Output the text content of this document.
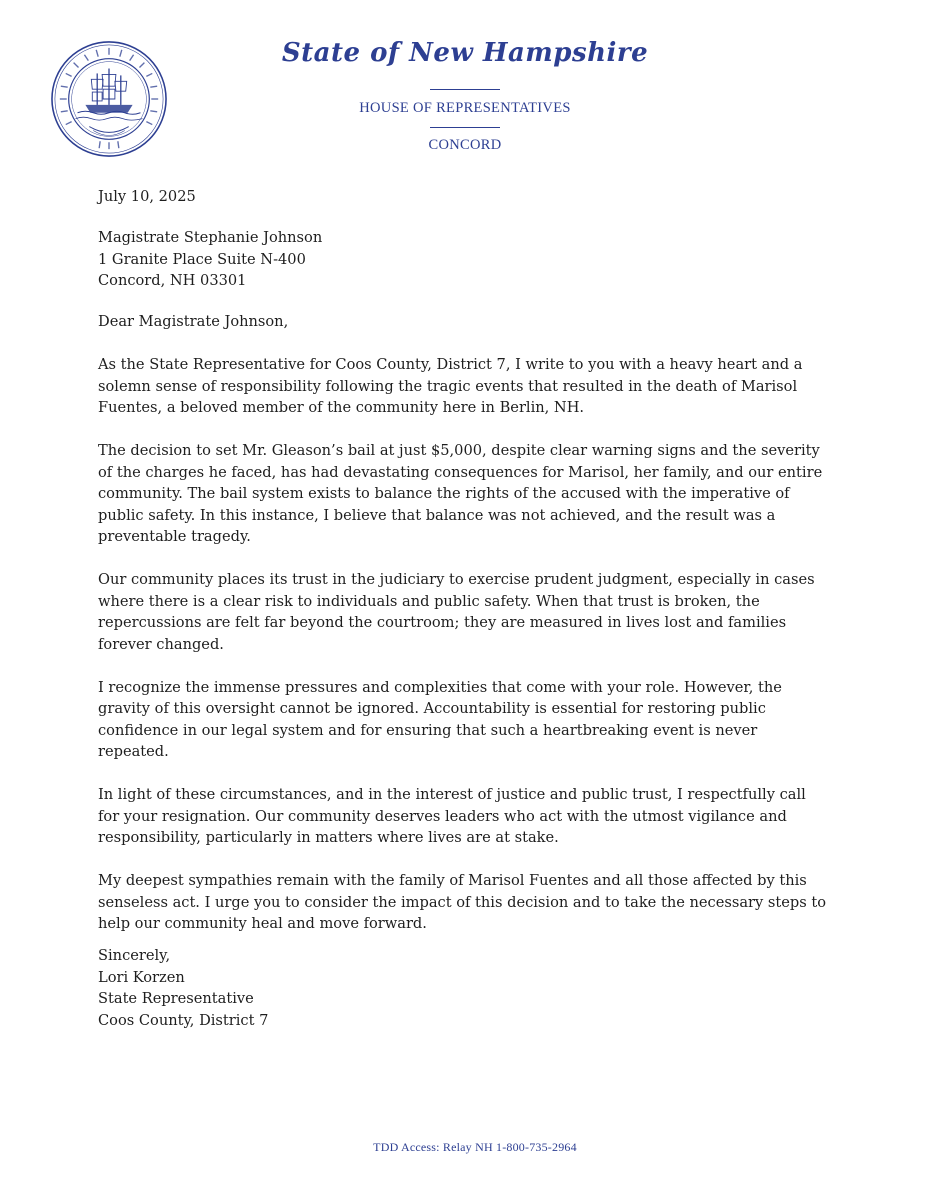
State of New Hampshire
HOUSE OF REPRESENTATIVES
CONCORD
July 10, 2025
Magistrate Stephanie Johnson
1 Granite Place Suite N-400
Concord, NH 03301

Dear Magistrate Johnson,

As the State Representative for Coos County, District 7, I write to you with a heavy heart and a solemn sense of responsibility following the tragic events that resulted in the death of Marisol Fuentes, a beloved member of the community here in Berlin, NH.

The decision to set Mr. Gleason’s bail at just $5,000, despite clear warning signs and the severity of the charges he faced, has had devastating consequences for Marisol, her family, and our entire community. The bail system exists to balance the rights of the accused with the imperative of public safety. In this instance, I believe that balance was not achieved, and the result was a preventable tragedy.

Our community places its trust in the judiciary to exercise prudent judgment, especially in cases where there is a clear risk to individuals and public safety. When that trust is broken, the repercussions are felt far beyond the courtroom; they are measured in lives lost and families forever changed.

I recognize the immense pressures and complexities that come with your role. However, the gravity of this oversight cannot be ignored. Accountability is essential for restoring public confidence in our legal system and for ensuring that such a heartbreaking event is never repeated.

In light of these circumstances, and in the interest of justice and public trust, I respectfully call for your resignation. Our community deserves leaders who act with the utmost vigilance and responsibility, particularly in matters where lives are at stake.

My deepest sympathies remain with the family of Marisol Fuentes and all those affected by this senseless act. I urge you to consider the impact of this decision and to take the necessary steps to help our community heal and move forward.

Sincerely,
Lori Korzen
State Representative
Coos County, District 7
TDD Access: Relay NH 1-800-735-2964
